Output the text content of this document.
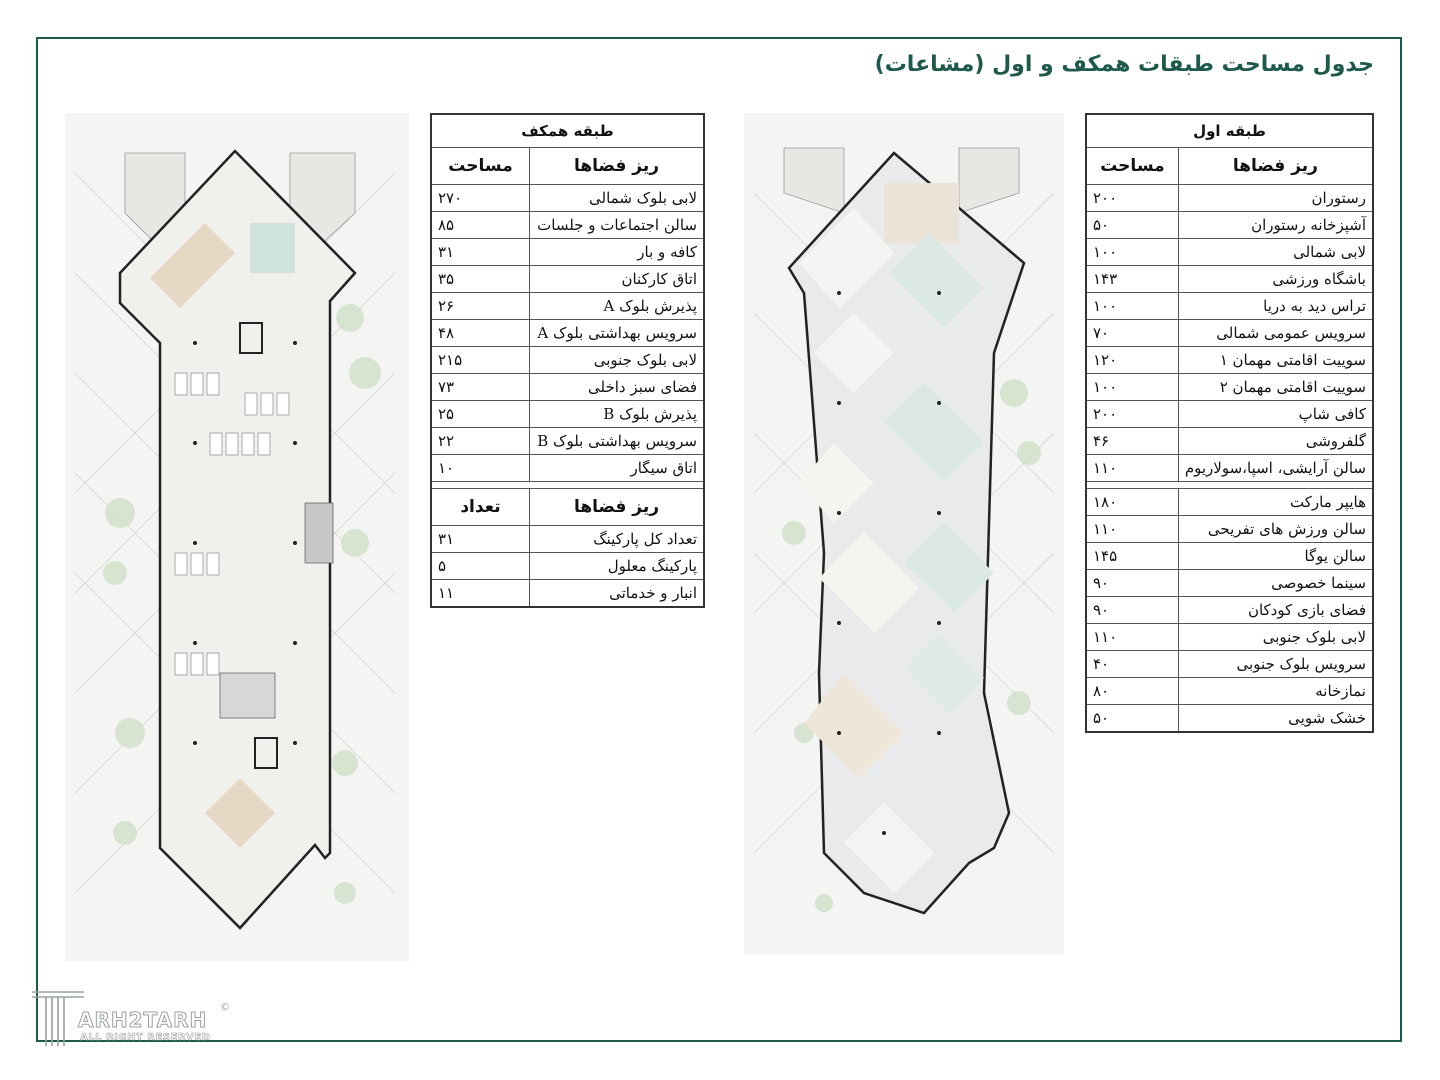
جدول مساحت طبقات همکف و اول (مشاعات)
طبقه همکف	
ریز فضاها	مساحت
لابی بلوک شمالی	۲۷۰
سالن اجتماعات و جلسات	۸۵
کافه و بار	۳۱
اتاق کارکنان	۳۵
پذیرش بلوک A	۲۶
سرویس بهداشتی بلوک A	۴۸
لابی بلوک جنوبی	۲۱۵
فضای سبز داخلی	۷۳
پذیرش بلوک B	۲۵
سرویس بهداشتی بلوک B	۲۲
اتاق سیگار	۱۰

ریز فضاها	تعداد
تعداد کل پارکینگ	۳۱
پارکینگ معلول	۵
انبار و خدماتی	۱۱
طبقه اول	
ریز فضاها	مساحت
رستوران	۲۰۰
آشپزخانه رستوران	۵۰
لابی شمالی	۱۰۰
باشگاه ورزشی	۱۴۳
تراس دید به دریا	۱۰۰
سرویس عمومی شمالی	۷۰
سوییت اقامتی مهمان ۱	۱۲۰
سوییت اقامتی مهمان ۲	۱۰۰
کافی شاپ	۲۰۰
گلفروشی	۴۶
سالن آرایشی، اسپا،سولاریوم	۱۱۰

هایپر مارکت	۱۸۰
سالن ورزش های تفریحی	۱۱۰
سالن یوگا	۱۴۵
سینما خصوصی	۹۰
فضای بازی کودکان	۹۰
لابی بلوک جنوبی	۱۱۰
سرویس بلوک جنوبی	۴۰
نمازخانه	۸۰
خشک شویی	۵۰
ARH2TARH
ALL RIGHT RESERVED
©
